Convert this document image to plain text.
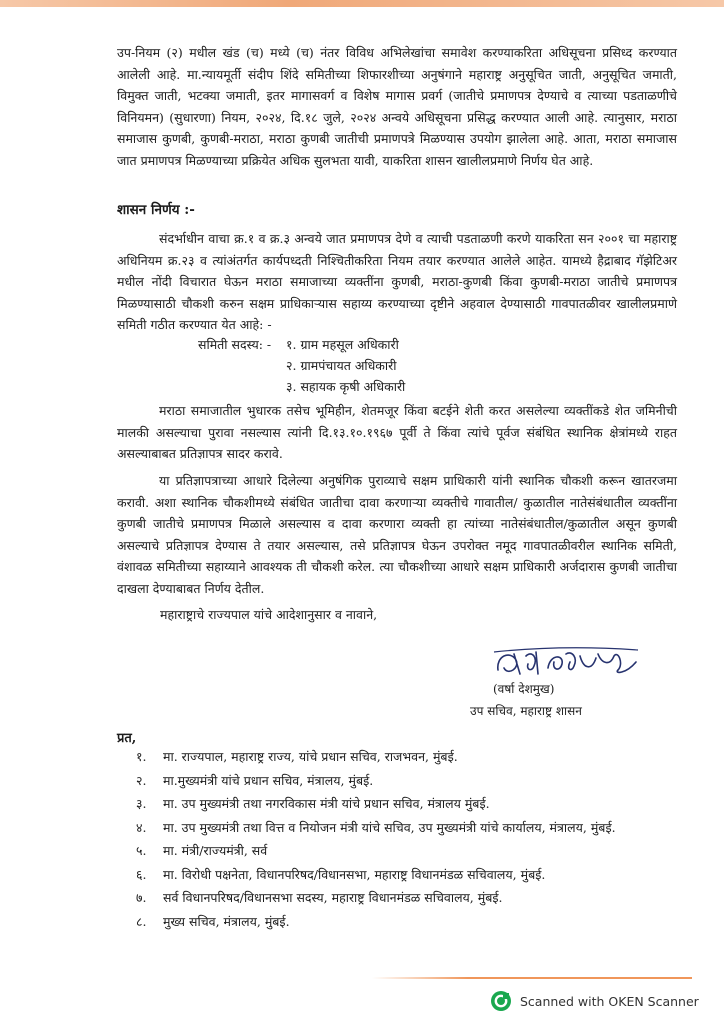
उप-नियम (२) मधील खंड (च) मध्ये (च) नंतर विविध अभिलेखांचा समावेश करण्याकरिता अधिसूचना प्रसिध्द करण्यात आलेली आहे. मा.न्यायमूर्ती संदीप शिंदे समितीच्या शिफारशीच्या अनुषंगाने महाराष्ट्र अनुसूचित जाती, अनुसूचित जमाती, विमुक्त जाती, भटक्या जमाती, इतर मागासवर्ग व विशेष मागास प्रवर्ग (जातीचे प्रमाणपत्र देण्याचे व त्याच्या पडताळणीचे विनियमन) (सुधारणा) नियम, २०२४, दि.१८ जुले, २०२४ अन्वये अधिसूचना प्रसिद्ध करण्यात आली आहे. त्यानुसार, मराठा समाजास कुणबी, कुणबी-मराठा, मराठा कुणबी जातीची प्रमाणपत्रे मिळण्यास उपयोग झालेला आहे. आता, मराठा समाजास जात प्रमाणपत्र मिळण्याच्या प्रक्रियेत अधिक सुलभता यावी, याकरिता शासन खालीलप्रमाणे निर्णय घेत आहे.

शासन निर्णय :-

संदर्भाधीन वाचा क्र.१ व क्र.३ अन्वये जात प्रमाणपत्र देणे व त्याची पडताळणी करणे याकरिता सन २००१ चा महाराष्ट्र अधिनियम क्र.२३ व त्यांअंतर्गत कार्यपध्दती निश्चितीकरिता नियम तयार करण्यात आलेले आहेत. यामध्ये हैद्राबाद गॅझेटिअर मधील नोंदी विचारात घेऊन मराठा समाजाच्या व्यक्तींना कुणबी, मराठा-कुणबी किंवा कुणबी-मराठा जातीचे प्रमाणपत्र मिळण्यासाठी चौकशी करुन सक्षम प्राधिकाऱ्यास सहाय्य करण्याच्या दृष्टीने अहवाल देण्यासाठी गावपातळीवर खालीलप्रमाणे समिती गठीत करण्यात येत आहे: -

समिती सदस्य: -	१. ग्राम महसूल अधिकारी
२. ग्रामपंचायत अधिकारी
३. सहायक कृषी अधिकारी

मराठा समाजातील भुधारक तसेच भूमिहीन, शेतमजूर किंवा बटईने शेती करत असलेल्या व्यक्तींकडे शेत जमिनीची मालकी असल्याचा पुरावा नसल्यास त्यांनी दि.१३.१०.१९६७ पूर्वी ते किंवा त्यांचे पूर्वज संबंधित स्थानिक क्षेत्रांमध्ये राहत असल्याबाबत प्रतिज्ञापत्र सादर करावे.

या प्रतिज्ञापत्राच्या आधारे दिलेल्या अनुषंगिक पुराव्याचे सक्षम प्राधिकारी यांनी स्थानिक चौकशी करून खातरजमा करावी. अशा स्थानिक चौकशीमध्ये संबंधित जातीचा दावा करणाऱ्या व्यक्तीचे गावातील/ कुळातील नातेसंबंधातील व्यक्तींना कुणबी जातीचे प्रमाणपत्र मिळाले असल्यास व दावा करणारा व्यक्ती हा त्यांच्या नातेसंबंधातील/कुळातील असून कुणबी असल्याचे प्रतिज्ञापत्र देण्यास ते तयार असल्यास, तसे प्रतिज्ञापत्र घेऊन उपरोक्त नमूद गावपातळीवरील स्थानिक समिती, वंशावळ समितीच्या सहाय्याने आवश्यक ती चौकशी करेल. त्या चौकशीच्या आधारे सक्षम प्राधिकारी अर्जदारास कुणबी जातीचा दाखला देण्याबाबत निर्णय देतील.

महाराष्ट्राचे राज्यपाल यांचे आदेशानुसार व नावाने,

(वर्षा देशमुख)

उप सचिव, महाराष्ट्र शासन

प्रत,

१.	मा. राज्यपाल, महाराष्ट्र राज्य, यांचे प्रधान सचिव, राजभवन, मुंबई.
२.	मा.मुख्यमंत्री यांचे प्रधान सचिव, मंत्रालय, मुंबई.
३.	मा. उप मुख्यमंत्री तथा नगरविकास मंत्री यांचे प्रधान सचिव, मंत्रालय मुंबई.
४.	मा. उप मुख्यमंत्री तथा वित्त व नियोजन मंत्री यांचे सचिव, उप मुख्यमंत्री यांचे कार्यालय, मंत्रालय, मुंबई.
५.	मा. मंत्री/राज्यमंत्री, सर्व
६.	मा. विरोधी पक्षनेता, विधानपरिषद/विधानसभा, महाराष्ट्र विधानमंडळ सचिवालय, मुंबई.
७.	सर्व विधानपरिषद/विधानसभा सदस्य, महाराष्ट्र विधानमंडळ सचिवालय, मुंबई.
८.	मुख्य सचिव, मंत्रालय, मुंबई.
Scanned with OKEN Scanner
